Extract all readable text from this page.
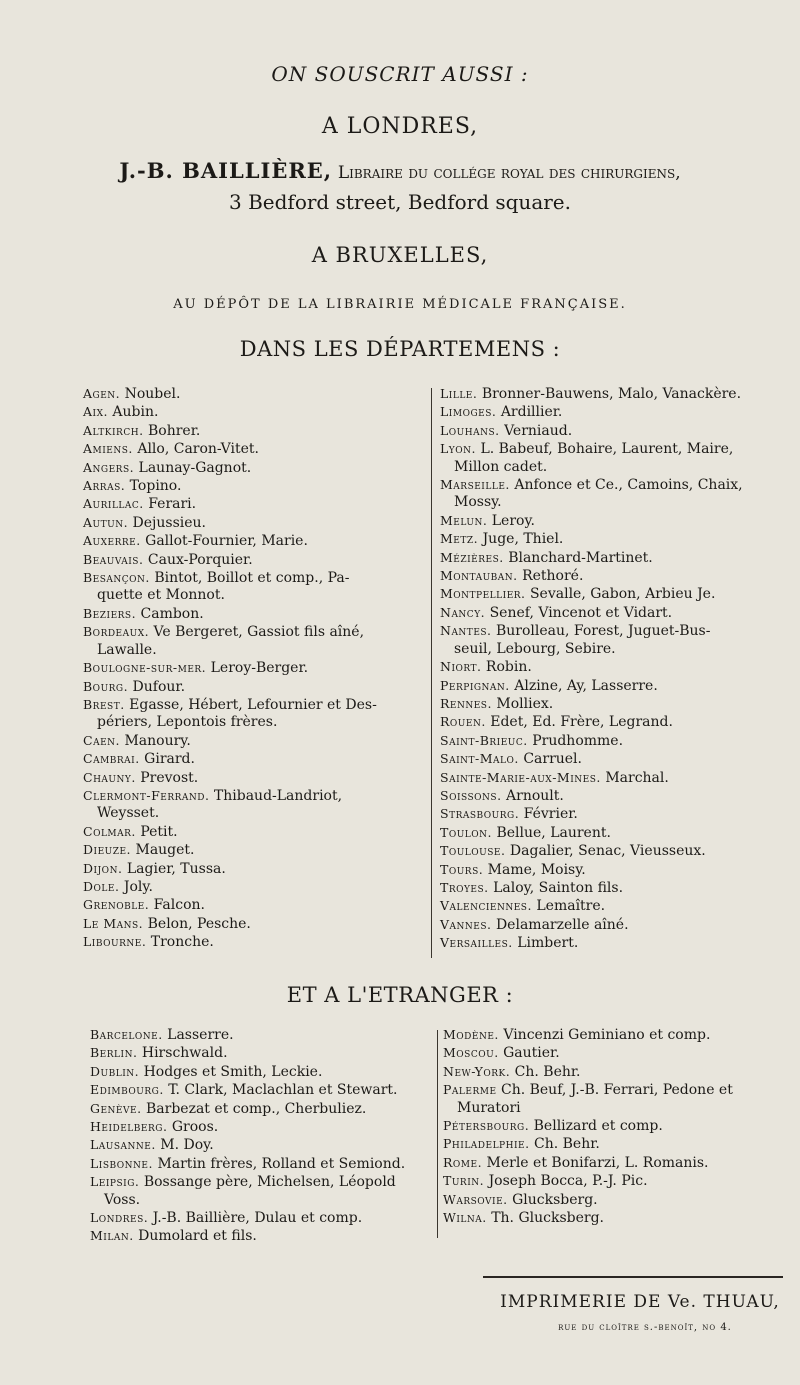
ON SOUSCRIT AUSSI :
A LONDRES,
J.-B. BAILLIÈRE, Libraire du collége royal des chirurgiens,
3 Bedford street, Bedford square.
A BRUXELLES,
AU DÉPÔT DE LA LIBRAIRIE MÉDICALE FRANÇAISE.
DANS LES DÉPARTEMENS :
Agen. Noubel.
Aix. Aubin.
Altkirch. Bohrer.
Amiens. Allo, Caron-Vitet.
Angers. Launay-Gagnot.
Arras. Topino.
Aurillac. Ferari.
Autun. Dejussieu.
Auxerre. Gallot-Fournier, Marie.
Beauvais. Caux-Porquier.
Besançon. Bintot, Boillot et comp., Pa-
quette et Monnot.
Beziers. Cambon.
Bordeaux. Ve Bergeret, Gassiot fils aîné,
Lawalle.
Boulogne-sur-mer. Leroy-Berger.
Bourg. Dufour.
Brest. Egasse, Hébert, Lefournier et Des-
périers, Lepontois frères.
Caen. Manoury.
Cambrai. Girard.
Chauny. Prevost.
Clermont-Ferrand. Thibaud-Landriot,
Weysset.
Colmar. Petit.
Dieuze. Mauget.
Dijon. Lagier, Tussa.
Dole. Joly.
Grenoble. Falcon.
Le Mans. Belon, Pesche.
Libourne. Tronche.
Lille. Bronner-Bauwens, Malo, Vanackère.
Limoges. Ardillier.
Louhans. Verniaud.
Lyon. L. Babeuf, Bohaire, Laurent, Maire,
Millon cadet.
Marseille. Anfonce et Ce., Camoins, Chaix,
Mossy.
Melun. Leroy.
Metz. Juge, Thiel.
Mézières. Blanchard-Martinet.
Montauban. Rethoré.
Montpellier. Sevalle, Gabon, Arbieu Je.
Nancy. Senef, Vincenot et Vidart.
Nantes. Burolleau, Forest, Juguet-Bus-
seuil, Lebourg, Sebire.
Niort. Robin.
Perpignan. Alzine, Ay, Lasserre.
Rennes. Molliex.
Rouen. Edet, Ed. Frère, Legrand.
Saint-Brieuc. Prudhomme.
Saint-Malo. Carruel.
Sainte-Marie-aux-Mines. Marchal.
Soissons. Arnoult.
Strasbourg. Février.
Toulon. Bellue, Laurent.
Toulouse. Dagalier, Senac, Vieusseux.
Tours. Mame, Moisy.
Troyes. Laloy, Sainton fils.
Valenciennes. Lemaître.
Vannes. Delamarzelle aîné.
Versailles. Limbert.
ET A L'ETRANGER :
Barcelone. Lasserre.
Berlin. Hirschwald.
Dublin. Hodges et Smith, Leckie.
Edimbourg. T. Clark, Maclachlan et Stewart.
Genève. Barbezat et comp., Cherbuliez.
Heidelberg. Groos.
Lausanne. M. Doy.
Lisbonne. Martin frères, Rolland et Semiond.
Leipsig. Bossange père, Michelsen, Léopold
Voss.
Londres. J.-B. Baillière, Dulau et comp.
Milan. Dumolard et fils.
Modène. Vincenzi Geminiano et comp.
Moscou. Gautier.
New-York. Ch. Behr.
Palerme Ch. Beuf, J.-B. Ferrari, Pedone et
Muratori
Pétersbourg. Bellizard et comp.
Philadelphie. Ch. Behr.
Rome. Merle et Bonifarzi, L. Romanis.
Turin. Joseph Bocca, P.-J. Pic.
Warsovie. Glucksberg.
Wilna. Th. Glucksberg.
IMPRIMERIE DE Ve. THUAU,
rue du cloître s.-benoît, no 4.
